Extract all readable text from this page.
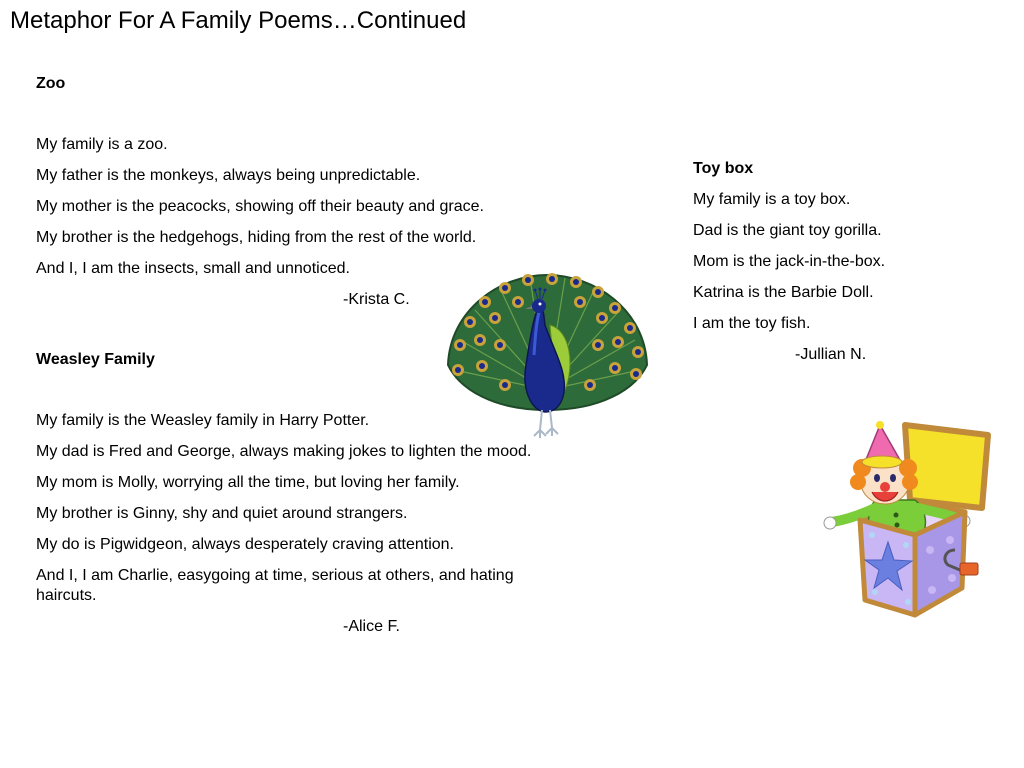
Metaphor For A Family Poems…Continued

Zoo

My family is a zoo.

My father is the monkeys, always being unpredictable.

My mother is the peacocks, showing off their beauty and grace.

My brother is the hedgehogs, hiding from the rest of the world.

And I, I am the insects, small and unnoticed.

-Krista C.

Weasley Family

My family is the Weasley family in Harry Potter.

My dad is Fred and George, always making jokes to lighten the mood.

My mom is Molly, worrying all the time, but loving her family.

My brother is Ginny, shy and quiet around strangers.

My do is Pigwidgeon, always desperately craving attention.

And I, I am Charlie, easygoing at time, serious at others, and hating haircuts.

-Alice F.

Toy box

My family is a toy box.

Dad is the giant toy gorilla.

Mom is the jack-in-the-box.

Katrina is the Barbie Doll.

I am the toy fish.

-Jullian N.
